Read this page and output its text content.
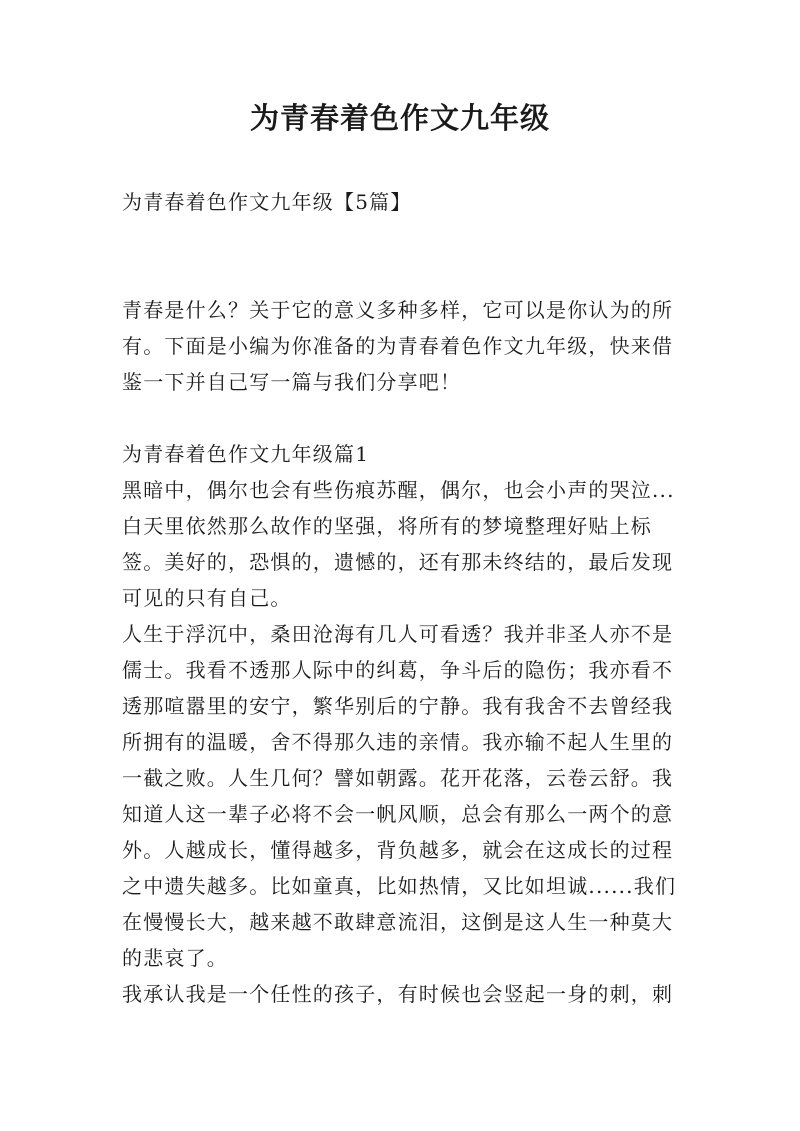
为青春着色作文九年级

为青春着色作文九年级【5篇】

青春是什么？关于它的意义多种多样，它可以是你认为的所有。下面是小编为你准备的为青春着色作文九年级，快来借鉴一下并自己写一篇与我们分享吧！

为青春着色作文九年级篇1

黑暗中，偶尔也会有些伤痕苏醒，偶尔，也会小声的哭泣...白天里依然那么故作的坚强，将所有的梦境整理好贴上标签。美好的，恐惧的，遗憾的，还有那未终结的，最后发现可见的只有自己。

人生于浮沉中，桑田沧海有几人可看透？我并非圣人亦不是儒士。我看不透那人际中的纠葛，争斗后的隐伤；我亦看不透那喧嚣里的安宁，繁华别后的宁静。我有我舍不去曾经我所拥有的温暖，舍不得那久违的亲情。我亦输不起人生里的一截之败。人生几何？譬如朝露。花开花落，云卷云舒。我知道人这一辈子必将不会一帆风顺，总会有那么一两个的意外。人越成长，懂得越多，背负越多，就会在这成长的过程之中遗失越多。比如童真，比如热情，又比如坦诚......我们在慢慢长大，越来越不敢肆意流泪，这倒是这人生一种莫大的悲哀了。

我承认我是一个任性的孩子，有时候也会竖起一身的刺，刺
